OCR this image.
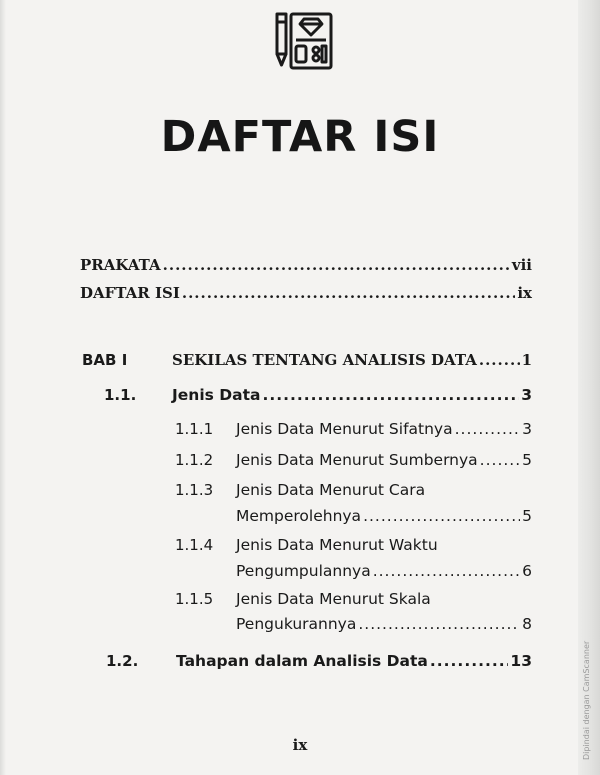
DAFTAR ISI
PRAKATA .....	vii
DAFTAR ISI .....	ix
BAB I	SEKILAS TENTANG ANALISIS DATA .....	1
1.1. Jenis Data .....	3
1.1.1 Jenis Data Menurut Sifatnya .....	3
1.1.2 Jenis Data Menurut Sumbernya .....	5
1.1.3 Jenis Data Menurut Cara
Memperolehnya .....	5
1.1.4 Jenis Data Menurut Waktu
Pengumpulannya .....	6
1.1.5 Jenis Data Menurut Skala
Pengukurannya .....	8
1.2. Tahapan dalam Analisis Data .....	13
ix	Dipindai dengan CamScanner
